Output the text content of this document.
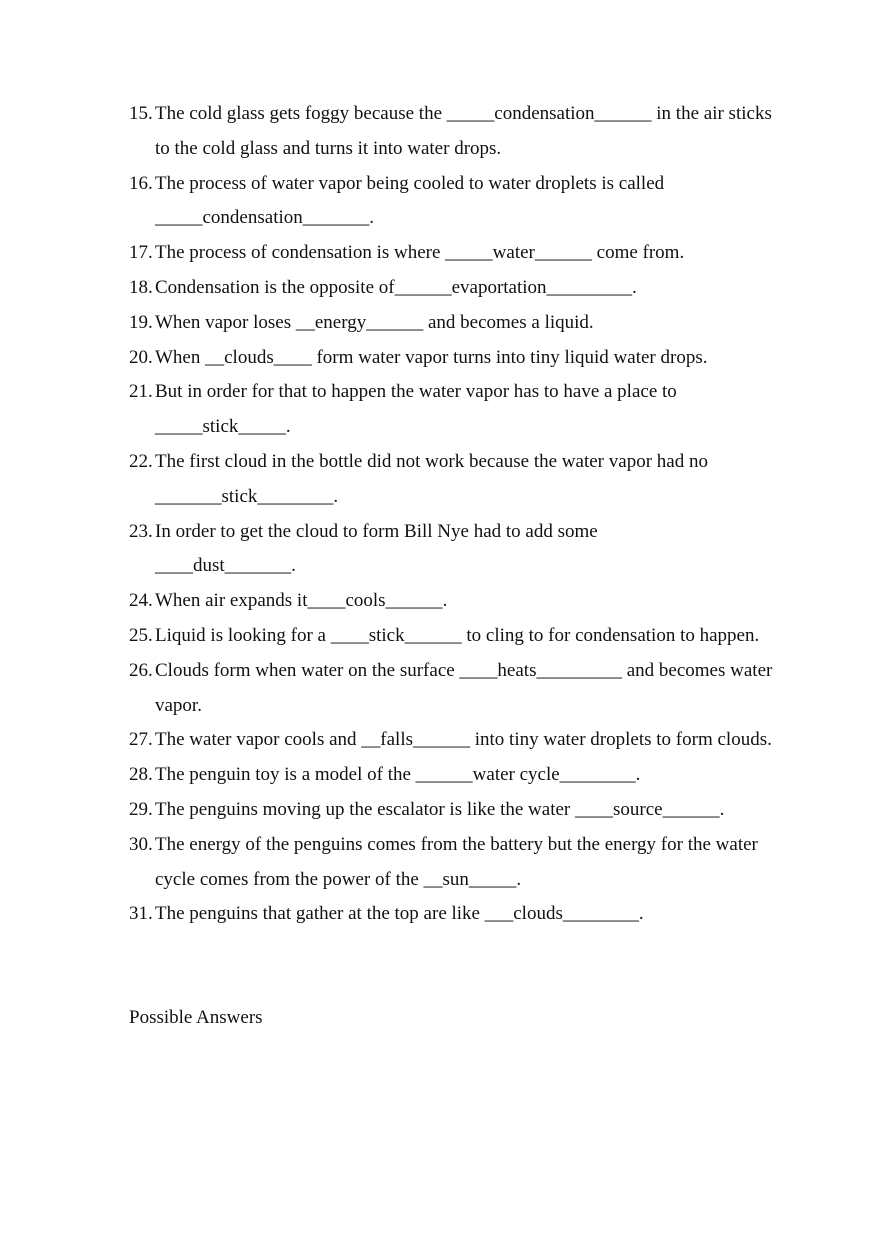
15. The cold glass gets foggy because the _____condensation______ in the air sticks to the cold glass and turns it into water drops.
16. The process of water vapor being cooled to water droplets is called
_____condensation_______.
17. The process of condensation is where _____water______ come from.
18. Condensation is the opposite of______evaportation_________.
19. When vapor loses __energy______ and becomes a liquid.
20. When __clouds____ form water vapor turns into tiny liquid water drops.
21. But in order for that to happen the water vapor has to have a place to
_____stick_____.
22. The first cloud in the bottle did not work because the water vapor had no
_______stick________.
23. In order to get the cloud to form Bill Nye had to add some
____dust_______.
24. When air expands it____cools______.
25. Liquid is looking for a ____stick______ to cling to for condensation to happen.
26. Clouds form when water on the surface ____heats_________ and becomes water vapor.
27. The water vapor cools and __falls______ into tiny water droplets to form clouds.
28. The penguin toy is a model of the ______water cycle________.
29. The penguins moving up the escalator is like the water ____source______.
30. The energy of the penguins comes from the battery but the energy for the water cycle comes from the power of the __sun_____.
31. The penguins that gather at the top are like ___clouds________.

Possible Answers
